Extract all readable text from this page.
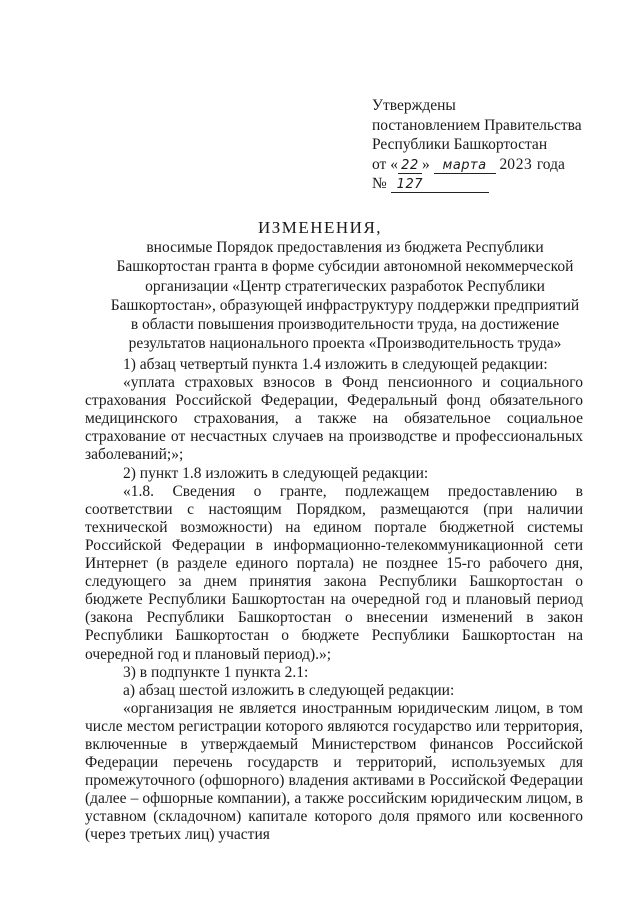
Утверждены
постановлением Правительства
Республики Башкортостан
от « 22 » марта 2023 года
№ 127
ИЗМЕНЕНИЯ,
вносимые Порядок предоставления из бюджета Республики Башкортостан гранта в форме субсидии автономной некоммерческой организации «Центр стратегических разработок Республики Башкортостан», образующей инфраструктуру поддержки предприятий в области повышения производительности труда, на достижение результатов национального проекта «Производительность труда»

1) абзац четвертый пункта 1.4 изложить в следующей редакции:

«уплата страховых взносов в Фонд пенсионного и социального страхования Российской Федерации, Федеральный фонд обязательного медицинского страхования, а также на обязательное социальное страхование от несчастных случаев на производстве и профессиональных заболеваний;»;

2) пункт 1.8 изложить в следующей редакции:

«1.8. Сведения о гранте, подлежащем предоставлению в соответствии с настоящим Порядком, размещаются (при наличии технической возможности) на едином портале бюджетной системы Российской Федерации в информационно-телекоммуникационной сети Интернет (в разделе единого портала) не позднее 15-го рабочего дня, следующего за днем принятия закона Республики Башкортостан о бюджете Республики Башкортостан на очередной год и плановый период (закона Республики Башкортостан о внесении изменений в закон Республики Башкортостан о бюджете Республики Башкортостан на очередной год и плановый период).»;

3) в подпункте 1 пункта 2.1:

а) абзац шестой изложить в следующей редакции:

«организация не является иностранным юридическим лицом, в том числе местом регистрации которого являются государство или территория, включенные в утверждаемый Министерством финансов Российской Федерации перечень государств и территорий, используемых для промежуточного (офшорного) владения активами в Российской Федерации (далее – офшорные компании), а также российским юридическим лицом, в уставном (складочном) капитале которого доля прямого или косвенного (через третьих лиц) участия
